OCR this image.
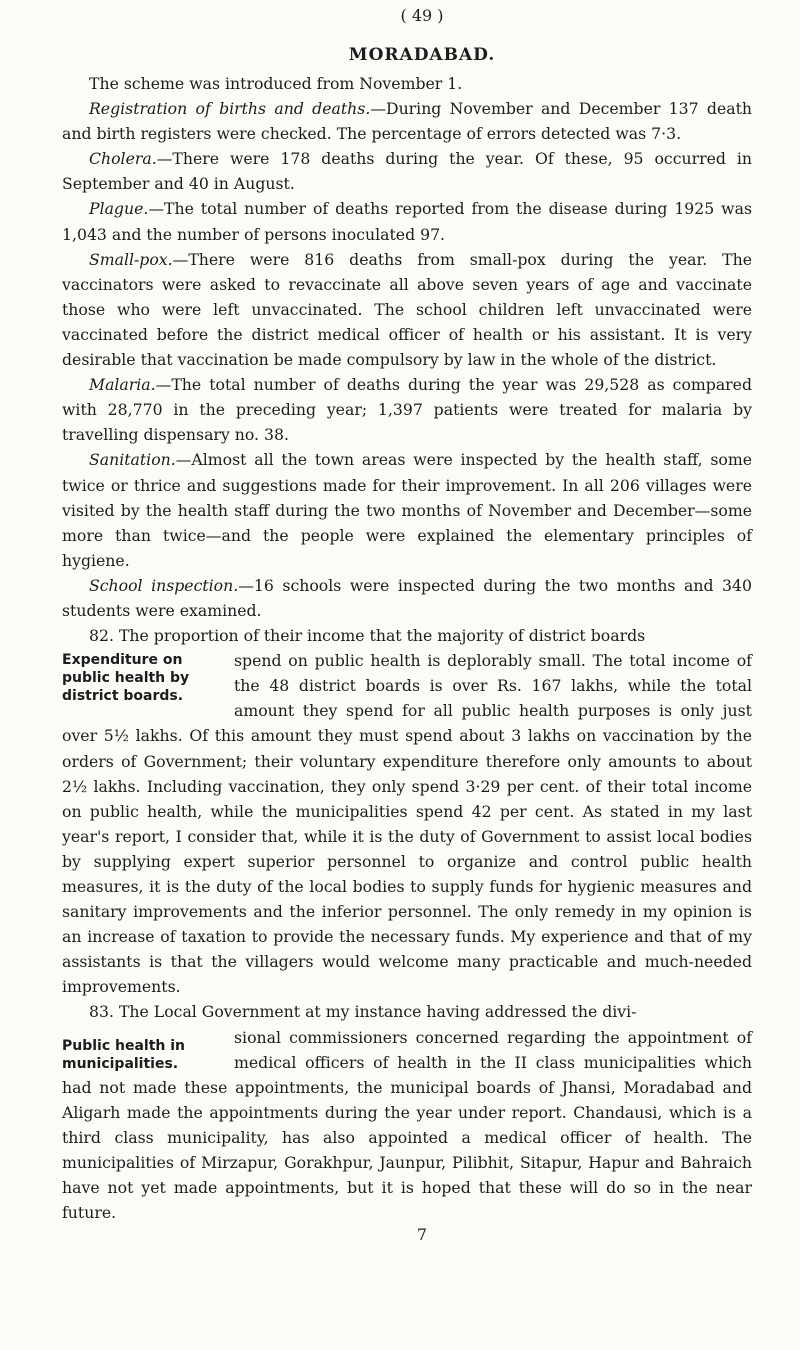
( 49 )
MORADABAD.

The scheme was introduced from November 1.

Registration of births and deaths.—During November and December 137 death and birth registers were checked. The percentage of errors detected was 7·3.

Cholera.—There were 178 deaths during the year. Of these, 95 occurred in September and 40 in August.

Plague.—The total number of deaths reported from the disease during 1925 was 1,043 and the number of persons inoculated 97.

Small-pox.—There were 816 deaths from small-pox during the year. The vaccinators were asked to revaccinate all above seven years of age and vaccinate those who were left unvaccinated. The school children left unvaccinated were vaccinated before the district medical officer of health or his assistant. It is very desirable that vaccination be made compulsory by law in the whole of the district.

Malaria.—The total number of deaths during the year was 29,528 as compared with 28,770 in the preceding year; 1,397 patients were treated for malaria by travelling dispensary no. 38.

Sanitation.—Almost all the town areas were inspected by the health staff, some twice or thrice and suggestions made for their improvement. In all 206 villages were visited by the health staff during the two months of November and December—some more than twice—and the people were explained the elementary principles of hygiene.

School inspection.—16 schools were inspected during the two months and 340 students were examined.

82. The proportion of their income that the majority of district boards

Expenditure on public health by district boards.

spend on public health is deplorably small. The total income of the 48 district boards is over Rs. 167 lakhs, while the total amount they spend for all public health purposes is only just over 5½ lakhs. Of this amount they must spend about 3 lakhs on vaccination by the orders of Government; their voluntary expenditure therefore only amounts to about 2½ lakhs. Including vaccination, they only spend 3·29 per cent. of their total income on public health, while the municipalities spend 42 per cent. As stated in my last year's report, I consider that, while it is the duty of Government to assist local bodies by supplying expert superior personnel to organize and control public health measures, it is the duty of the local bodies to supply funds for hygienic measures and sanitary improvements and the inferior personnel. The only remedy in my opinion is an increase of taxation to provide the necessary funds. My experience and that of my assistants is that the villagers would welcome many practicable and much-needed improvements.

83. The Local Government at my instance having addressed the divi-

Public health in municipalities.

sional commissioners concerned regarding the appointment of medical officers of health in the II class municipalities which had not made these appointments, the municipal boards of Jhansi, Moradabad and Aligarh made the appointments during the year under report. Chandausi, which is a third class municipality, has also appointed a medical officer of health. The municipalities of Mirzapur, Gorakhpur, Jaunpur, Pilibhit, Sitapur, Hapur and Bahraich have not yet made appointments, but it is hoped that these will do so in the near future.

7
